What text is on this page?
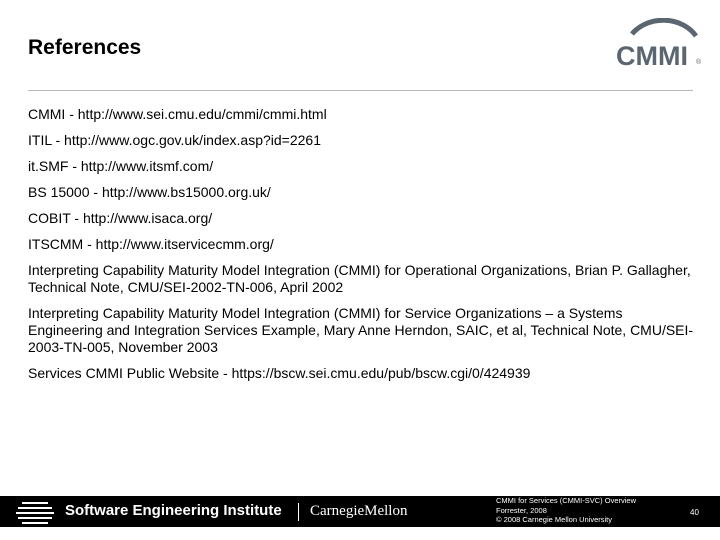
References	CMMI ®
CMMI - http://www.sei.cmu.edu/cmmi/cmmi.html
ITIL - http://www.ogc.gov.uk/index.asp?id=2261
it.SMF - http://www.itsmf.com/
BS 15000 - http://www.bs15000.org.uk/
COBIT - http://www.isaca.org/
ITSCMM - http://www.itservicecmm.org/
Interpreting Capability Maturity Model Integration (CMMI) for Operational Organizations, Brian P. Gallagher, Technical Note, CMU/SEI-2002-TN-006, April 2002
Interpreting Capability Maturity Model Integration (CMMI) for Service Organizations – a Systems Engineering and Integration Services Example, Mary Anne Herndon, SAIC, et al, Technical Note, CMU/SEI-2003-TN-005, November 2003
Services CMMI Public Website - https://bscw.sei.cmu.edu/pub/bscw.cgi/0/424939
Software Engineering Institute CarnegieMellon
CMMI for Services (CMMI-SVC) Overview
Forrester, 2008
© 2008 Carnegie Mellon University
40
